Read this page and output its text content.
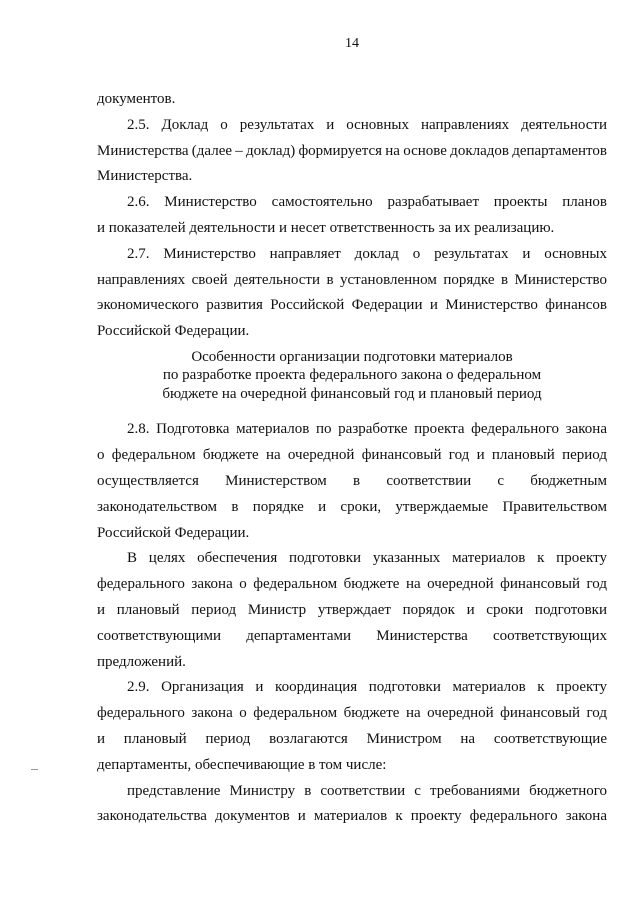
14
документов.
2.5. Доклад о результатах и основных направлениях деятельности
Министерства (далее – доклад) формируется на основе докладов департаментов
Министерства.
2.6. Министерство самостоятельно разрабатывает проекты планов
и показателей деятельности и несет ответственность за их реализацию.
2.7. Министерство направляет доклад о результатах и основных
направлениях своей деятельности в установленном порядке в Министерство
экономического развития Российской Федерации и Министерство финансов
Российской Федерации.
Особенности организации подготовки материалов
по разработке проекта федерального закона о федеральном
бюджете на очередной финансовый год и плановый период
2.8. Подготовка материалов по разработке проекта федерального закона
о федеральном бюджете на очередной финансовый год и плановый период
осуществляется Министерством в соответствии с бюджетным
законодательством в порядке и сроки, утверждаемые Правительством
Российской Федерации.
В целях обеспечения подготовки указанных материалов к проекту
федерального закона о федеральном бюджете на очередной финансовый год
и плановый период Министр утверждает порядок и сроки подготовки
соответствующими департаментами Министерства соответствующих
предложений.
2.9. Организация и координация подготовки материалов к проекту
федерального закона о федеральном бюджете на очередной финансовый год
и плановый период возлагаются Министром на соответствующие
департаменты, обеспечивающие в том числе:
представление Министру в соответствии с требованиями бюджетного
законодательства документов и материалов к проекту федерального закона
